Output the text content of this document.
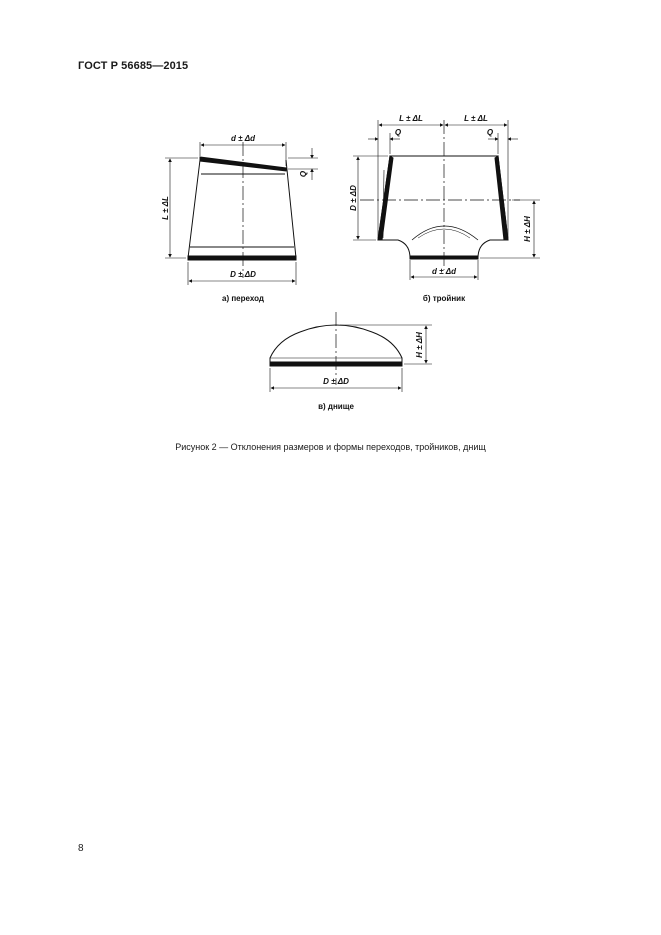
ГОСТ Р 56685—2015
d ± Δd
D ± ΔD
L ± ΔL
Q
L ± ΔL	L ± ΔL
Q	Q
D ± ΔD
H ± ΔH
d ± Δd
H ± ΔH
D ± ΔD
а) переход	б) тройник
в) днище
Рисунок 2 — Отклонения размеров и формы переходов, тройников, днищ
8
